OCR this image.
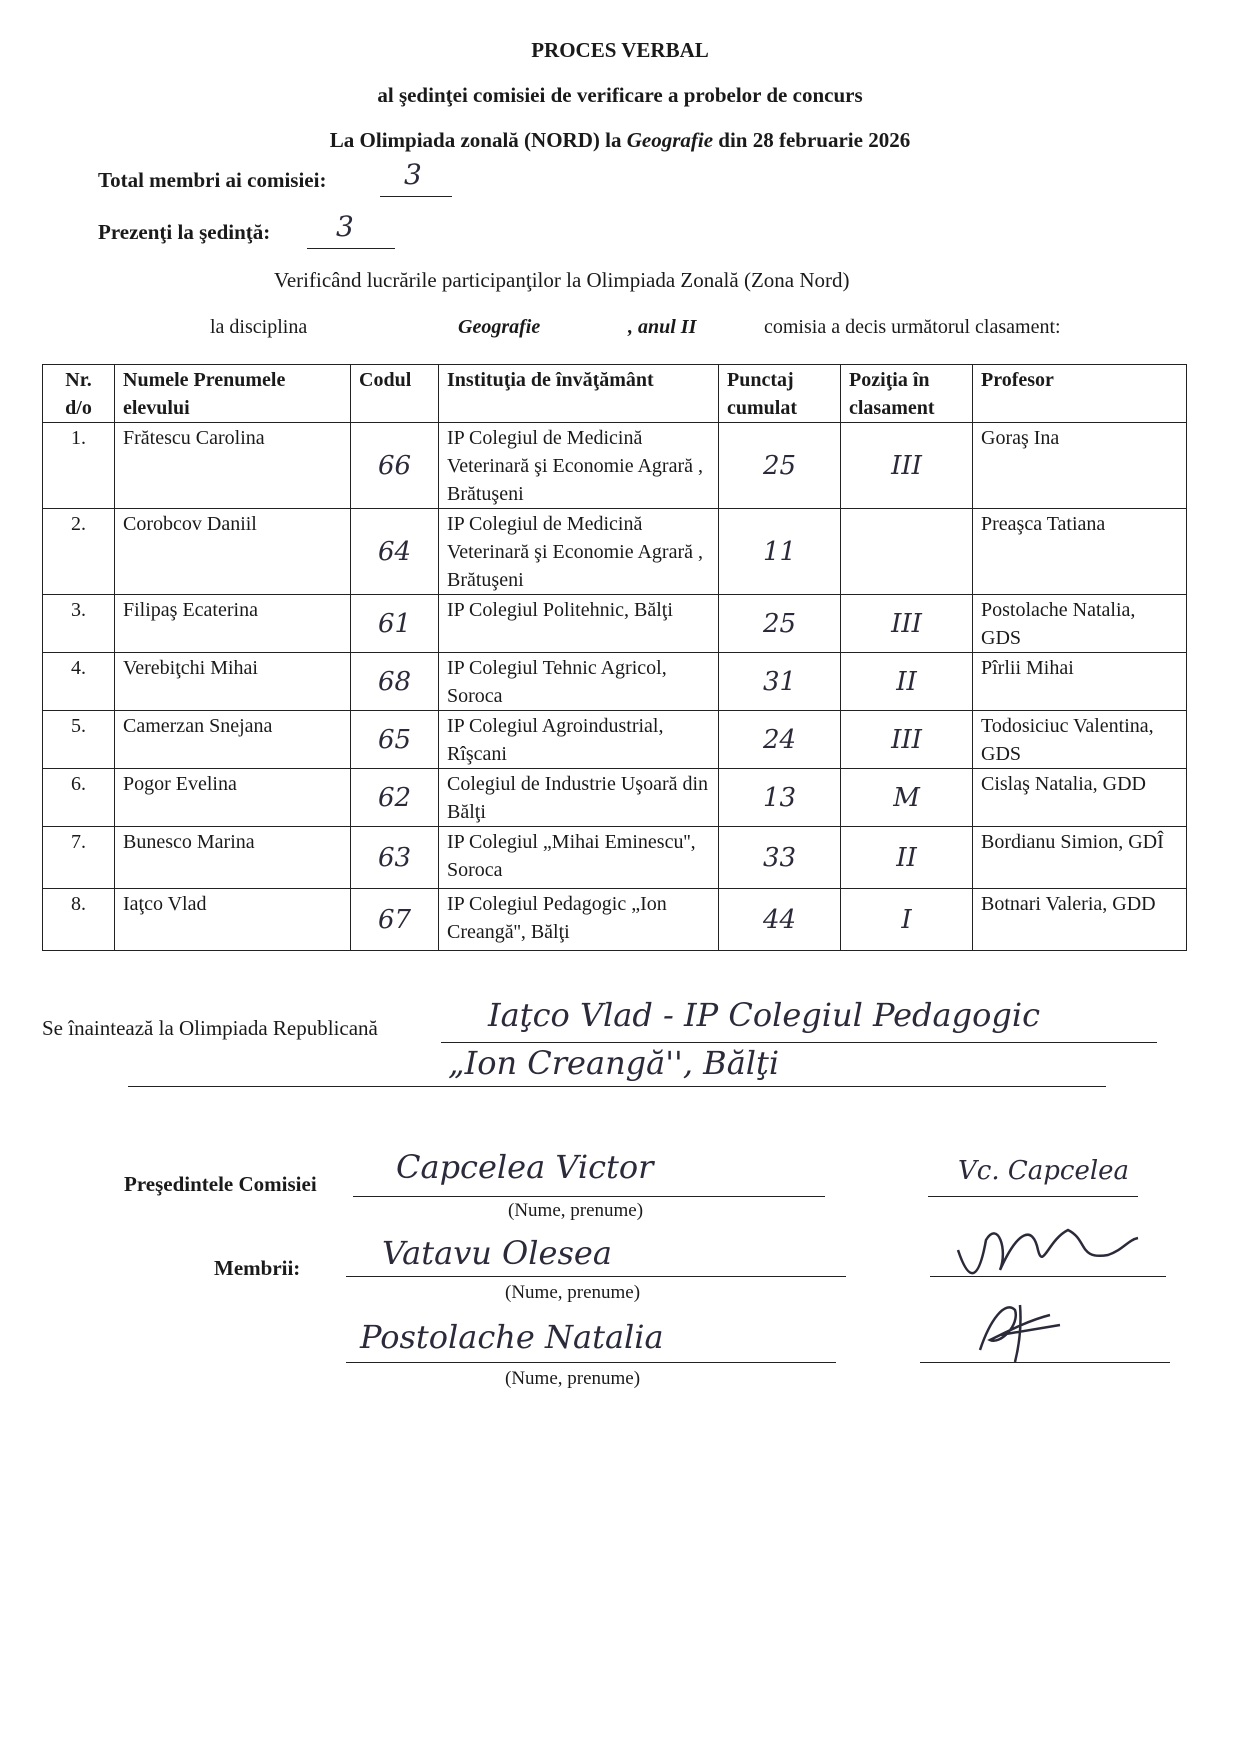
PROCES VERBAL
al şedinţei comisiei de verificare a probelor de concurs
La Olimpiada zonală (NORD) la Geografie din 28 februarie 2026
Total membri ai comisiei:	3
Prezenţi la şedinţă: 3
Verificând lucrările participanţilor la Olimpiada Zonală (Zona Nord)
la disciplina	Geografie	, anul II	comisia a decis următorul clasament:
Nr. d/o	Numele Prenumele elevului	Codul	Instituţia de învăţământ	Punctaj cumulat	Poziţia în clasament	Profesor
1.	Frătescu Carolina	66	IP Colegiul de Medicină Veterinară şi Economie Agrară , Brătuşeni	25	III	Goraş Ina
2.	Corobcov Daniil	64	IP Colegiul de Medicină Veterinară şi Economie Agrară , Brătuşeni	11		Preaşca Tatiana
3.	Filipaş Ecaterina	61	IP Colegiul Politehnic, Bălţi	25	III	Postolache Natalia, GDS
4.	Verebiţchi Mihai	68	IP Colegiul Tehnic Agricol, Soroca	31	II	Pîrlii Mihai
5.	Camerzan Snejana	65	IP Colegiul Agroindustrial, Rîşcani	24	III	Todosiciuc Valentina, GDS
6.	Pogor Evelina	62	Colegiul de Industrie Uşoară din Bălţi	13	M	Cislaş Natalia, GDD
7.	Bunesco Marina	63	IP Colegiul „Mihai Eminescu'', Soroca	33	II	Bordianu Simion, GDÎ
8.	Iaţco Vlad	67	IP Colegiul Pedagogic „Ion Creangă'', Bălţi	44	I	Botnari Valeria, GDD
Se înaintează la Olimpiada Republicană	Iaţco Vlad - IP Colegiul Pedagogic
„Ion Creangă'', Bălţi
Preşedintele Comisiei Capcelea Victor
(Nume, prenume)
Vc. Capcelea
Membrii:	Vatavu Olesea
(Nume, prenume)
Postolache Natalia
(Nume, prenume)
